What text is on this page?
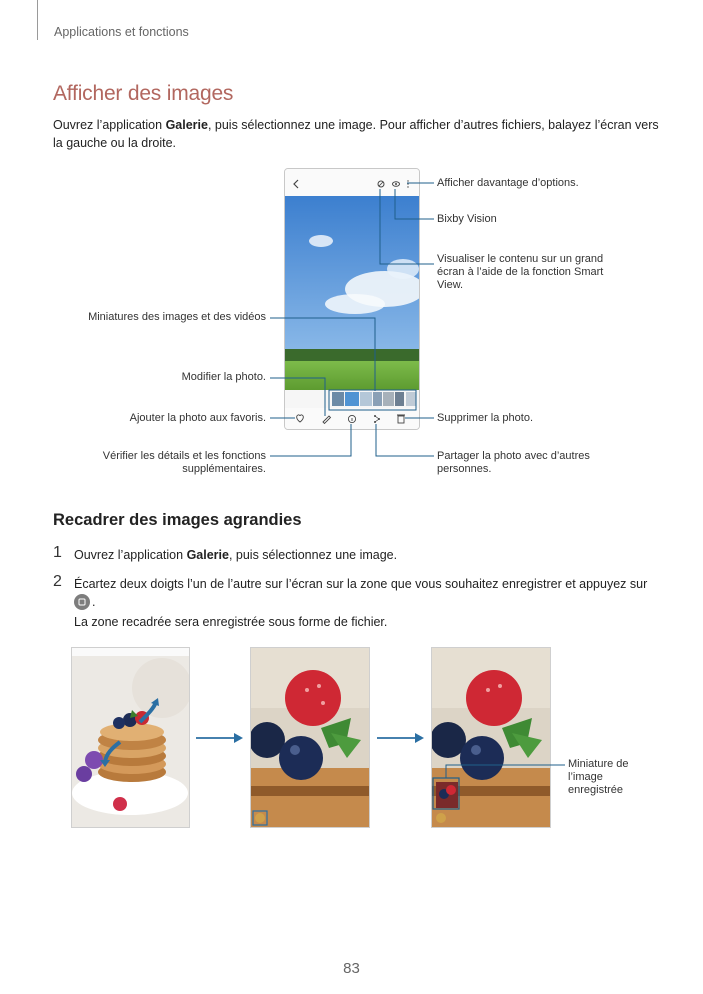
Applications et fonctions
Afficher des images
Ouvrez l’application Galerie, puis sélectionnez une image. Pour afficher d’autres fichiers, balayez l’écran vers la gauche ou la droite.
Afficher davantage d’options.
Bixby Vision
Visualiser le contenu sur un grand écran à l’aide de la fonction Smart View.
Miniatures des images et des vidéos
Modifier la photo.
Ajouter la photo aux favoris.	Supprimer la photo.
Vérifier les détails et les fonctions supplémentaires.
Partager la photo avec d’autres personnes.
Recadrer des images agrandies
1 Ouvrez l’application Galerie, puis sélectionnez une image.
2 Écartez deux doigts l’un de l’autre sur l’écran sur la zone que vous souhaitez enregistrer et appuyez sur
.
La zone recadrée sera enregistrée sous forme de fichier.
Miniature de l’image enregistrée
83
